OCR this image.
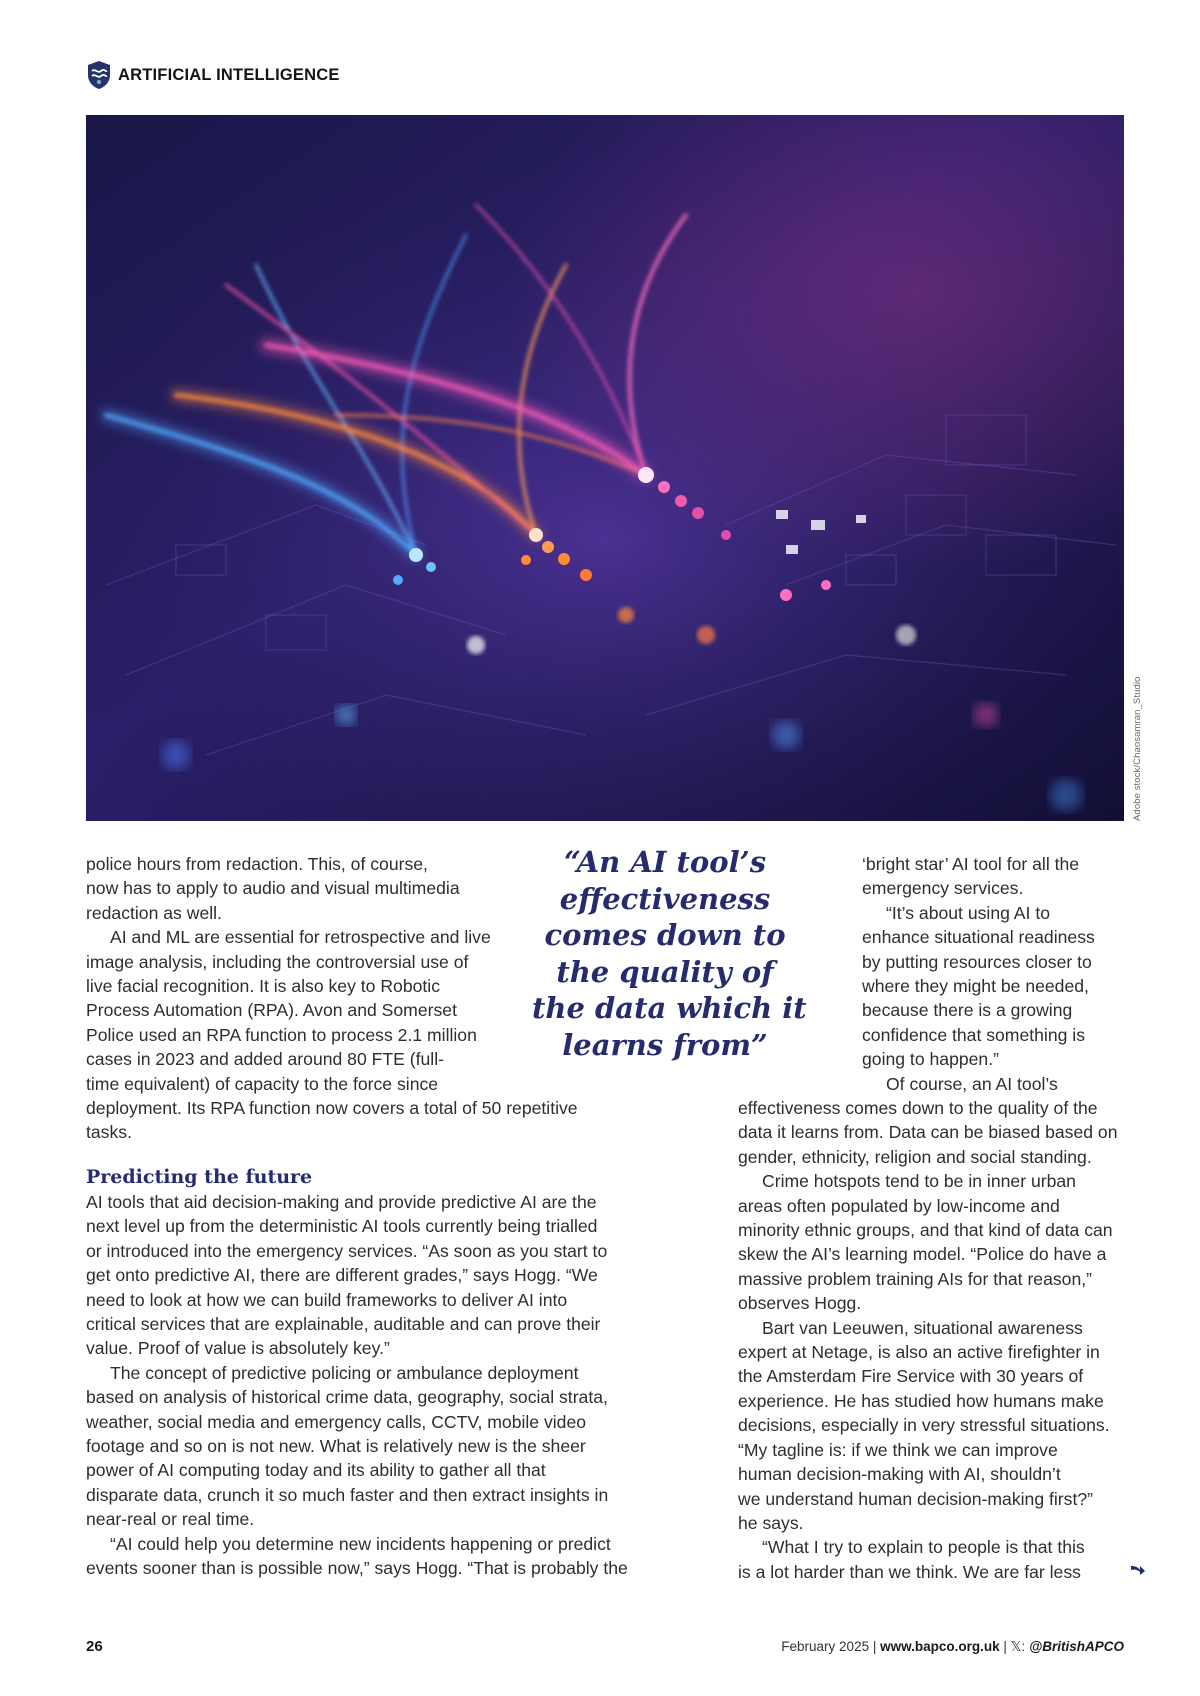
ARTIFICIAL INTELLIGENCE
Adobe stock/Chaosamran_Studio

police hours from redaction. This, of course,
now has to apply to audio and visual multimedia
redaction as well.
AI and ML are essential for retrospective and live
image analysis, including the controversial use of
live facial recognition. It is also key to Robotic
Process Automation (RPA). Avon and Somerset
Police used an RPA function to process 2.1 million
cases in 2023 and added around 80 FTE (full-
time equivalent) of capacity to the force since
deployment. Its RPA function now covers a total of 50 repetitive
tasks.

“An AI tool’s
effectiveness
comes down to
the quality of
the data which it
learns from”

‘bright star’ AI tool for all the
emergency services.
“It’s about using AI to
enhance situational readiness
by putting resources closer to
where they might be needed,
because there is a growing
confidence that something is
going to happen.”
Of course, an AI tool’s

Predicting the future

AI tools that aid decision-making and provide predictive AI are the
next level up from the deterministic AI tools currently being trialled
or introduced into the emergency services. “As soon as you start to
get onto predictive AI, there are different grades,” says Hogg. “We
need to look at how we can build frameworks to deliver AI into
critical services that are explainable, auditable and can prove their
value. Proof of value is absolutely key.”
The concept of predictive policing or ambulance deployment
based on analysis of historical crime data, geography, social strata,
weather, social media and emergency calls, CCTV, mobile video
footage and so on is not new. What is relatively new is the sheer
power of AI computing today and its ability to gather all that
disparate data, crunch it so much faster and then extract insights in
near-real or real time.
“AI could help you determine new incidents happening or predict
events sooner than is possible now,” says Hogg. “That is probably the

effectiveness comes down to the quality of the
data it learns from. Data can be biased based on
gender, ethnicity, religion and social standing.
Crime hotspots tend to be in inner urban
areas often populated by low-income and
minority ethnic groups, and that kind of data can
skew the AI’s learning model. “Police do have a
massive problem training AIs for that reason,”
observes Hogg.
Bart van Leeuwen, situational awareness
expert at Netage, is also an active firefighter in
the Amsterdam Fire Service with 30 years of
experience. He has studied how humans make
decisions, especially in very stressful situations.
“My tagline is: if we think we can improve
human decision-making with AI, shouldn’t
we understand human decision-making first?”
he says.
“What I try to explain to people is that this
is a lot harder than we think. We are far less

26	February 2025 | www.bapco.org.uk | 𝕏: @BritishAPCO
